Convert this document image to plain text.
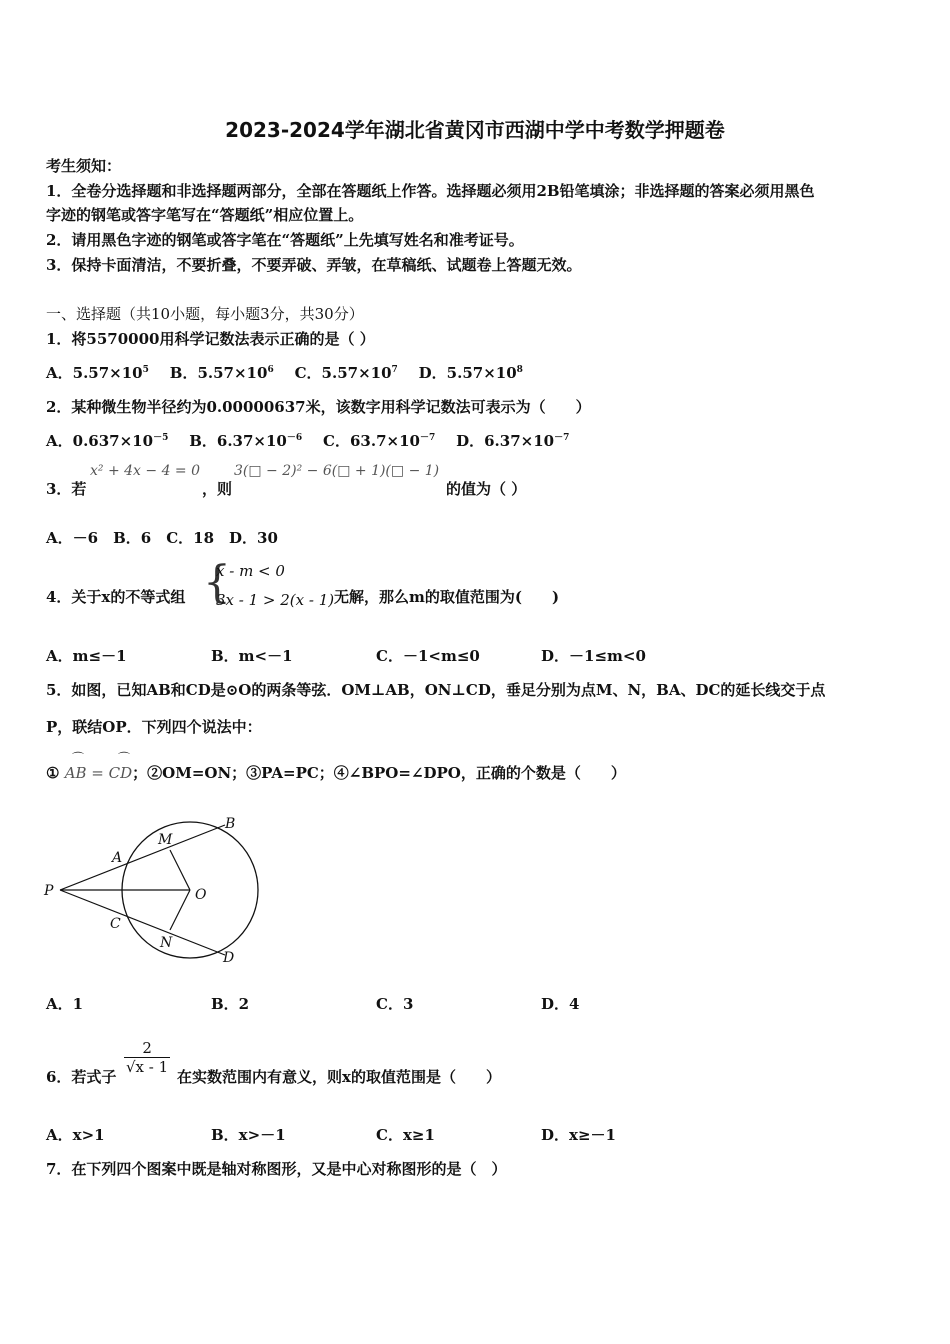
2023-2024学年湖北省黄冈市西湖中学中考数学押题卷
考生须知：
1．全卷分选择题和非选择题两部分，全部在答题纸上作答。选择题必须用2B铅笔填涂；非选择题的答案必须用黑色
字迹的钢笔或答字笔写在“答题纸”相应位置上。
2．请用黑色字迹的钢笔或答字笔在“答题纸”上先填写姓名和准考证号。
3．保持卡面清洁，不要折叠，不要弄破、弄皱，在草稿纸、试题卷上答题无效。
一、选择题（共10小题，每小题3分，共30分）
1．将5570000用科学记数法表示正确的是（ ）
A．$5.57\times 10^5$ B．$5.57\times 10^6$ C．$5.57\times 10^7$ D．$5.57\times 10^8$
2．某种微生物半径约为0.00000637米，该数字用科学记数法可表示为（　　）
A．$0.637\times 10^{-5}$ B．$6.37\times 10^{-6}$ C．$63.7\times 10^{-7}$ D．$6.37\times 10^{-7}$
3．若
x² + 4x − 4 = 0
，则
3(□ − 2)² − 6(□ + 1)(□ − 1)
的值为（ ）
A．－6　B．6　C．18　D．30
4．关于x的不等式组 {
x - m < 0
3x - 1 > 2(x - 1) 无解，那么m的取值范围为(　　)
A．m≤－1	B．m<－1	C．－1<m≤0	D．－1≤m<0
5．如图，已知AB和CD是⊙O的两条等弦．OM⊥AB，ON⊥CD，垂足分别为点M、N，BA、DC的延长线交于点
P，联结OP．下列四个说法中：
① AB = CD；②OM=ON；③PA=PC；④∠BPO=∠DPO，正确的个数是（　　）
⌒	⌒
P
A
M
B
O
C
N
D
A．1	B．2	C．3	D．4
6．若式子
$\frac{2}{√x - 1}$
在实数范围内有意义，则x的取值范围是（　　）
A．x>1	B．x>－1	C．x≥1	D．x≥－1
7．在下列四个图案中既是轴对称图形，又是中心对称图形的是（　）
